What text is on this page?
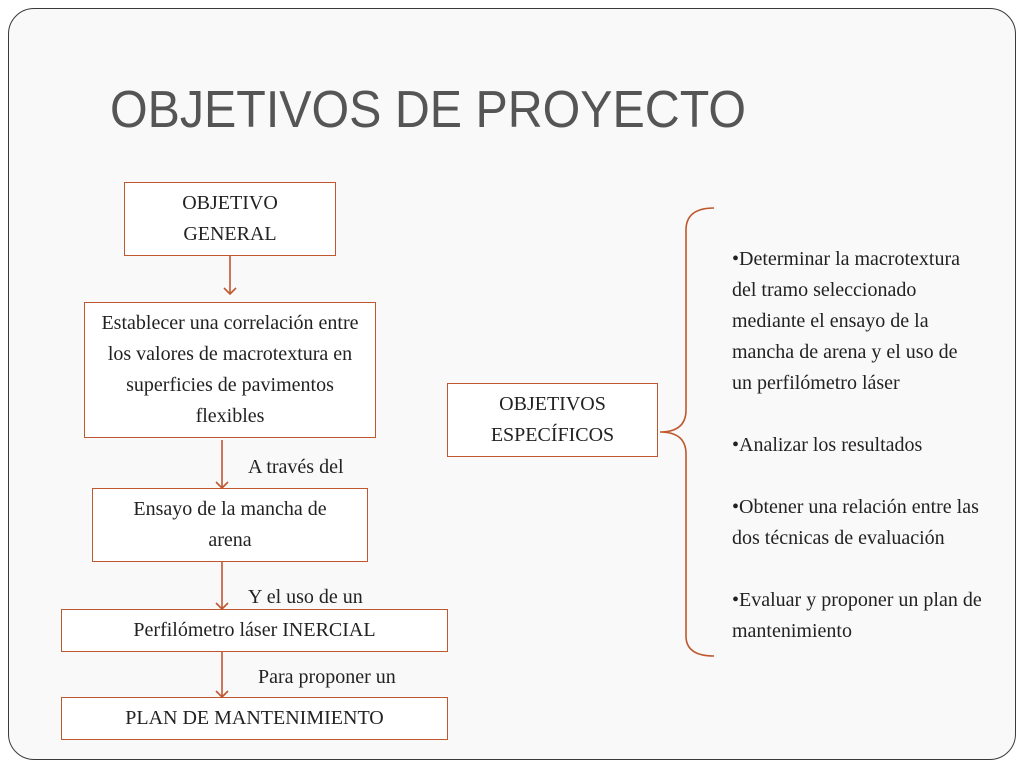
OBJETIVOS DE PROYECTO
OBJETIVO GENERAL
Establecer una correlación entre los valores de macrotextura en superficies de pavimentos flexibles
A través del
Ensayo de la mancha de arena
Y el uso de un
Perfilómetro láser INERCIAL
Para proponer un
PLAN DE MANTENIMIENTO
OBJETIVOS ESPECÍFICOS
•Determinar la macrotextura del tramo seleccionado mediante el ensayo de la mancha de arena y el uso de un perfilómetro láser
•Analizar los resultados
•Obtener una relación entre las dos técnicas de evaluación
•Evaluar y proponer un plan de mantenimiento
